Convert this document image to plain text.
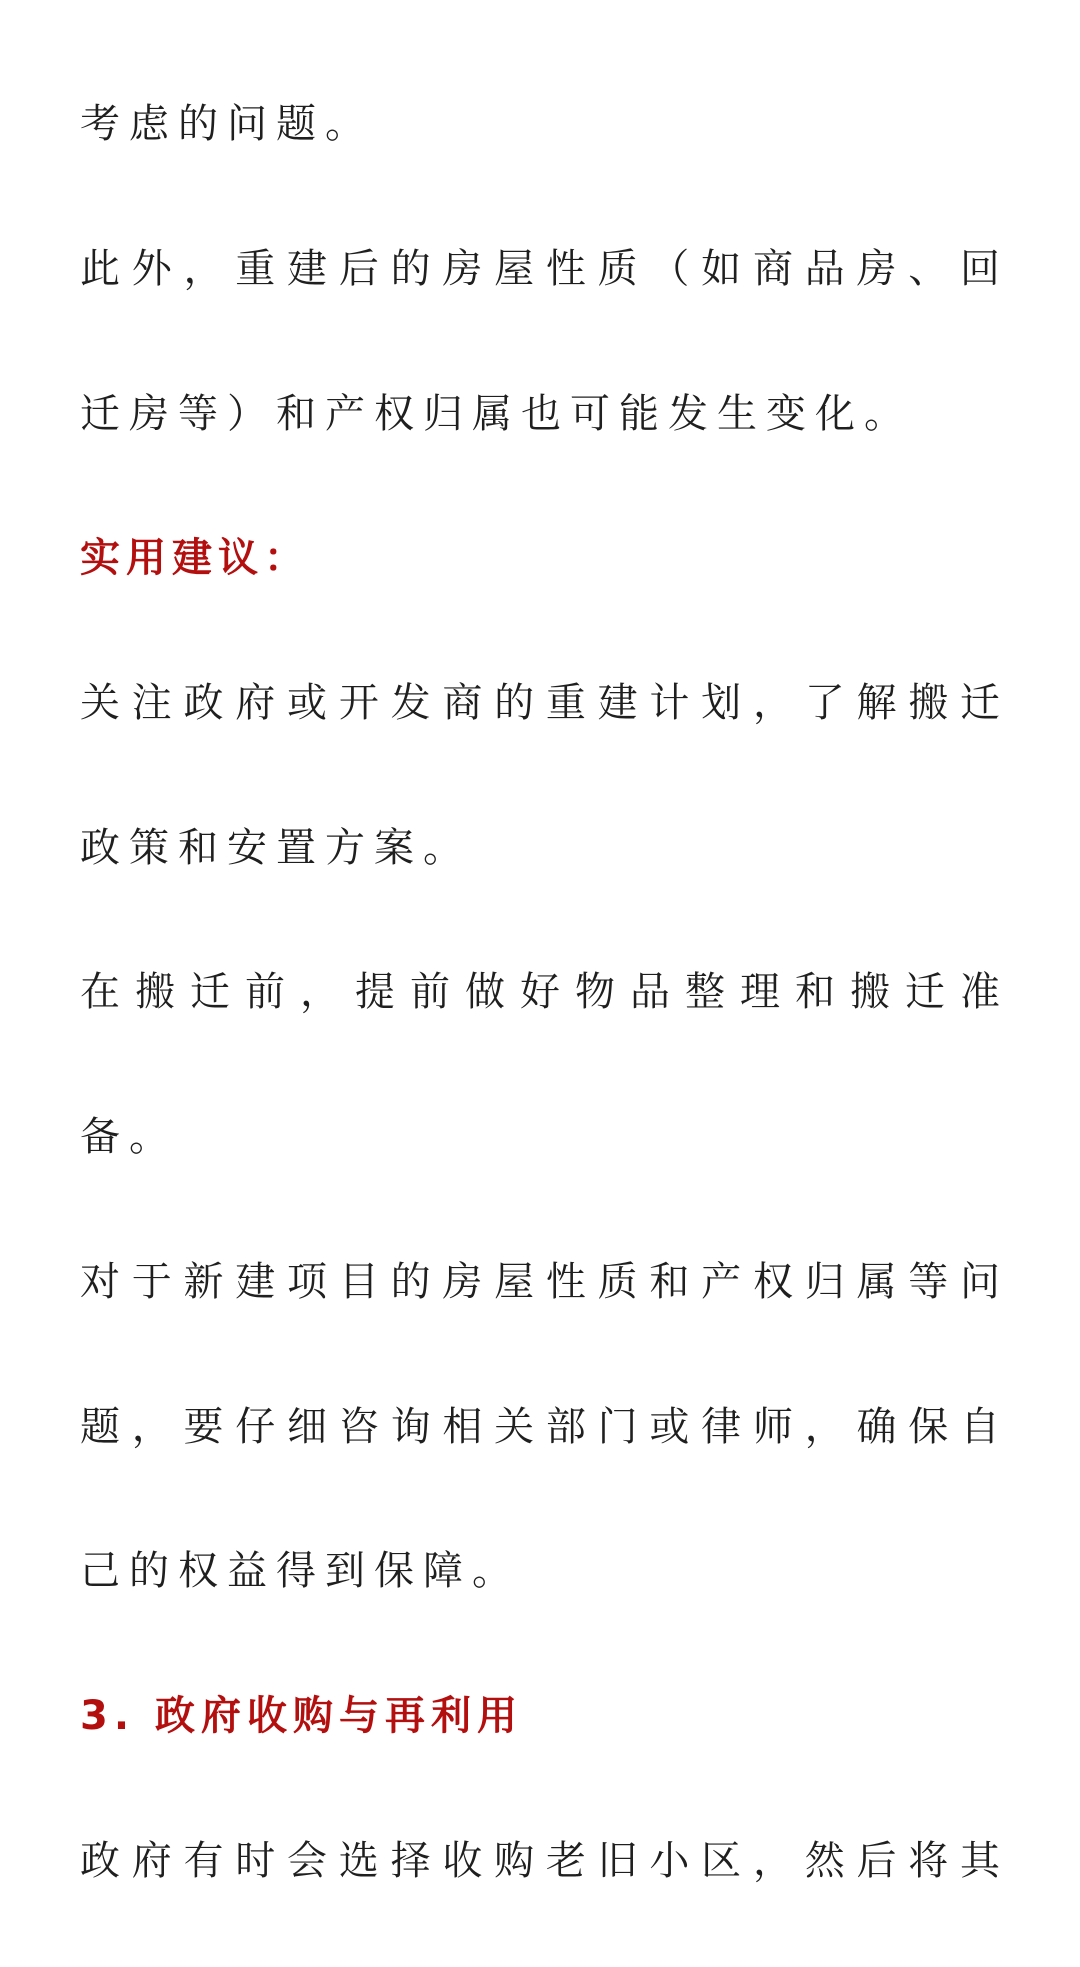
考虑的问题。
此外，重建后的房屋性质（如商品房、回
迁房等）和产权归属也可能发生变化。
实用建议：
关注政府或开发商的重建计划，了解搬迁
政策和安置方案。
在搬迁前，提前做好物品整理和搬迁准
备。
对于新建项目的房屋性质和产权归属等问
题，要仔细咨询相关部门或律师，确保自
己的权益得到保障。
3. 政府收购与再利用
政府有时会选择收购老旧小区，然后将其
